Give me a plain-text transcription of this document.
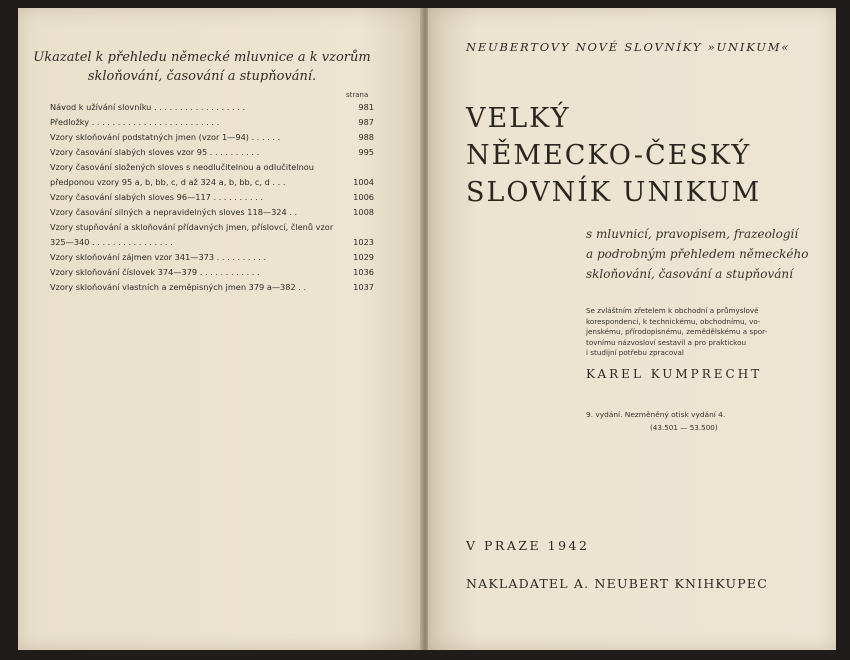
Ukazatel k přehledu německé mluvnice a k vzorům skloňování, časování a stupňování.
strana
Návod k užívání slovníku . . . . . . . . . . . . . . . . . .	981
Předložky . . . . . . . . . . . . . . . . . . . . . . . . .	987
Vzory skloňování podstatných jmen (vzor 1—94) . . . . . .	988
Vzory časování slabých sloves vzor 95 . . . . . . . . . .	995
Vzory časování složených sloves s neodlučitelnou a odlučitelnou předponou vzory 95 a, b, bb, c, d až 324 a, b, bb, c, d . . .	1004
Vzory časování slabých sloves 96—117 . . . . . . . . . .	1006
Vzory časování silných a nepravidelných sloves 118—324 . .	1008
Vzory stupňování a skloňování přídavných jmen, příslovcí, členů vzor 325—340 . . . . . . . . . . . . . . . .	1023
Vzory skloňování zájmen vzor 341—373 . . . . . . . . . .	1029
Vzory skloňování číslovek 374—379 . . . . . . . . . . . .	1036
Vzory skloňování vlastních a zeměpisných jmen 379 a—382 . .	1037
NEUBERTOVY NOVÉ SLOVNÍKY »UNIKUM«
VELKÝ
NĚMECKO-ČESKÝ
SLOVNÍK UNIKUM
s mluvnicí, pravopisem, frazeologií
a podrobným přehledem německého
skloňování, časování a stupňování
Se zvláštním zřetelem k obchodní a průmyslové
korespondenci, k technickému, obchodnímu, vo-
jenskému, přírodopisnému, zemědělskému a spor-
tovnímu názvosloví sestavil a pro praktickou
i studijní potřebu zpracoval
KAREL KUMPRECHT
9. vydání. Nezměněný otisk vydání 4.
(43.501 — 53.500)
V PRAZE 1942
NAKLADATEL A. NEUBERT KNIHKUPEC
